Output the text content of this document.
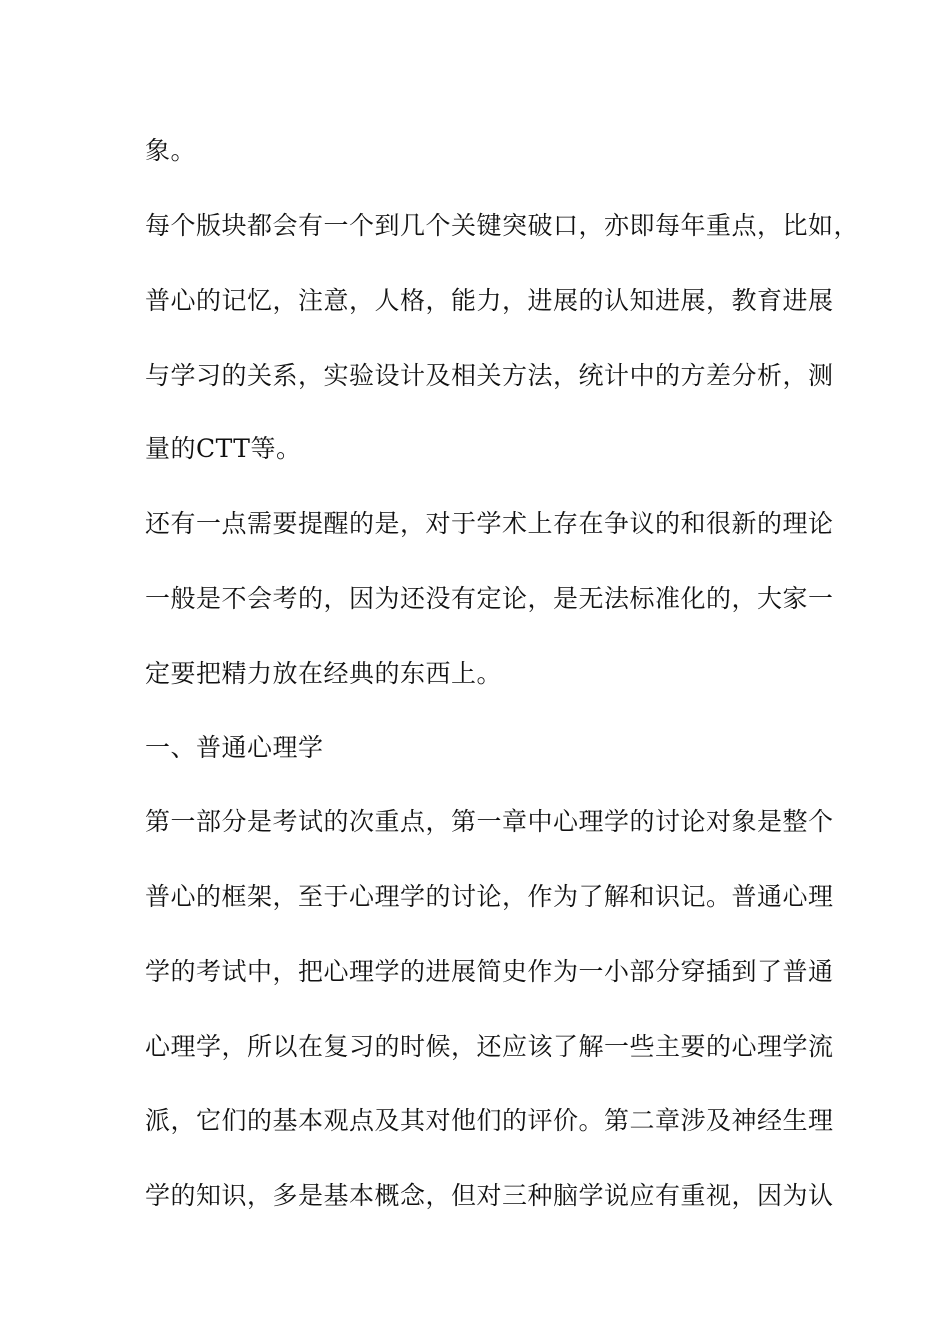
象。
每个版块都会有一个到几个关键突破口，亦即每年重点，比如，
普心的记忆，注意，人格，能力，进展的认知进展，教育进展
与学习的关系，实验设计及相关方法，统计中的方差分析，测
量的CTT等。
还有一点需要提醒的是，对于学术上存在争议的和很新的理论
一般是不会考的，因为还没有定论，是无法标准化的，大家一
定要把精力放在经典的东西上。
一、普通心理学
第一部分是考试的次重点，第一章中心理学的讨论对象是整个
普心的框架，至于心理学的讨论，作为了解和识记。普通心理
学的考试中，把心理学的进展简史作为一小部分穿插到了普通
心理学，所以在复习的时候，还应该了解一些主要的心理学流
派，它们的基本观点及其对他们的评价。第二章涉及神经生理
学的知识，多是基本概念，但对三种脑学说应有重视，因为认
